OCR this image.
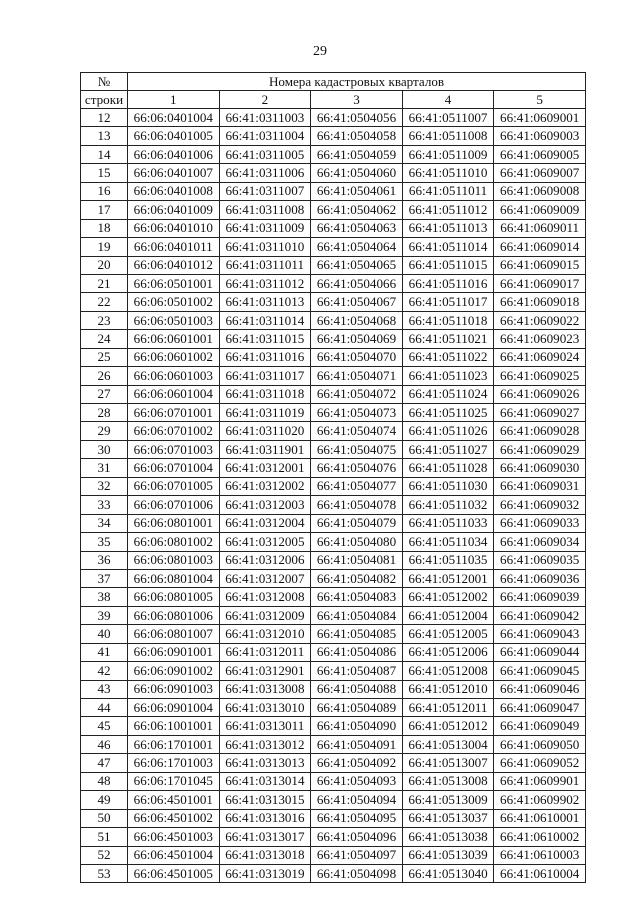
29
№	Номера кадастровых кварталов				
строки	1	2	3	4	5
12	66:06:0401004	66:41:0311003	66:41:0504056	66:41:0511007	66:41:0609001
13	66:06:0401005	66:41:0311004	66:41:0504058	66:41:0511008	66:41:0609003
14	66:06:0401006	66:41:0311005	66:41:0504059	66:41:0511009	66:41:0609005
15	66:06:0401007	66:41:0311006	66:41:0504060	66:41:0511010	66:41:0609007
16	66:06:0401008	66:41:0311007	66:41:0504061	66:41:0511011	66:41:0609008
17	66:06:0401009	66:41:0311008	66:41:0504062	66:41:0511012	66:41:0609009
18	66:06:0401010	66:41:0311009	66:41:0504063	66:41:0511013	66:41:0609011
19	66:06:0401011	66:41:0311010	66:41:0504064	66:41:0511014	66:41:0609014
20	66:06:0401012	66:41:0311011	66:41:0504065	66:41:0511015	66:41:0609015
21	66:06:0501001	66:41:0311012	66:41:0504066	66:41:0511016	66:41:0609017
22	66:06:0501002	66:41:0311013	66:41:0504067	66:41:0511017	66:41:0609018
23	66:06:0501003	66:41:0311014	66:41:0504068	66:41:0511018	66:41:0609022
24	66:06:0601001	66:41:0311015	66:41:0504069	66:41:0511021	66:41:0609023
25	66:06:0601002	66:41:0311016	66:41:0504070	66:41:0511022	66:41:0609024
26	66:06:0601003	66:41:0311017	66:41:0504071	66:41:0511023	66:41:0609025
27	66:06:0601004	66:41:0311018	66:41:0504072	66:41:0511024	66:41:0609026
28	66:06:0701001	66:41:0311019	66:41:0504073	66:41:0511025	66:41:0609027
29	66:06:0701002	66:41:0311020	66:41:0504074	66:41:0511026	66:41:0609028
30	66:06:0701003	66:41:0311901	66:41:0504075	66:41:0511027	66:41:0609029
31	66:06:0701004	66:41:0312001	66:41:0504076	66:41:0511028	66:41:0609030
32	66:06:0701005	66:41:0312002	66:41:0504077	66:41:0511030	66:41:0609031
33	66:06:0701006	66:41:0312003	66:41:0504078	66:41:0511032	66:41:0609032
34	66:06:0801001	66:41:0312004	66:41:0504079	66:41:0511033	66:41:0609033
35	66:06:0801002	66:41:0312005	66:41:0504080	66:41:0511034	66:41:0609034
36	66:06:0801003	66:41:0312006	66:41:0504081	66:41:0511035	66:41:0609035
37	66:06:0801004	66:41:0312007	66:41:0504082	66:41:0512001	66:41:0609036
38	66:06:0801005	66:41:0312008	66:41:0504083	66:41:0512002	66:41:0609039
39	66:06:0801006	66:41:0312009	66:41:0504084	66:41:0512004	66:41:0609042
40	66:06:0801007	66:41:0312010	66:41:0504085	66:41:0512005	66:41:0609043
41	66:06:0901001	66:41:0312011	66:41:0504086	66:41:0512006	66:41:0609044
42	66:06:0901002	66:41:0312901	66:41:0504087	66:41:0512008	66:41:0609045
43	66:06:0901003	66:41:0313008	66:41:0504088	66:41:0512010	66:41:0609046
44	66:06:0901004	66:41:0313010	66:41:0504089	66:41:0512011	66:41:0609047
45	66:06:1001001	66:41:0313011	66:41:0504090	66:41:0512012	66:41:0609049
46	66:06:1701001	66:41:0313012	66:41:0504091	66:41:0513004	66:41:0609050
47	66:06:1701003	66:41:0313013	66:41:0504092	66:41:0513007	66:41:0609052
48	66:06:1701045	66:41:0313014	66:41:0504093	66:41:0513008	66:41:0609901
49	66:06:4501001	66:41:0313015	66:41:0504094	66:41:0513009	66:41:0609902
50	66:06:4501002	66:41:0313016	66:41:0504095	66:41:0513037	66:41:0610001
51	66:06:4501003	66:41:0313017	66:41:0504096	66:41:0513038	66:41:0610002
52	66:06:4501004	66:41:0313018	66:41:0504097	66:41:0513039	66:41:0610003
53	66:06:4501005	66:41:0313019	66:41:0504098	66:41:0513040	66:41:0610004
